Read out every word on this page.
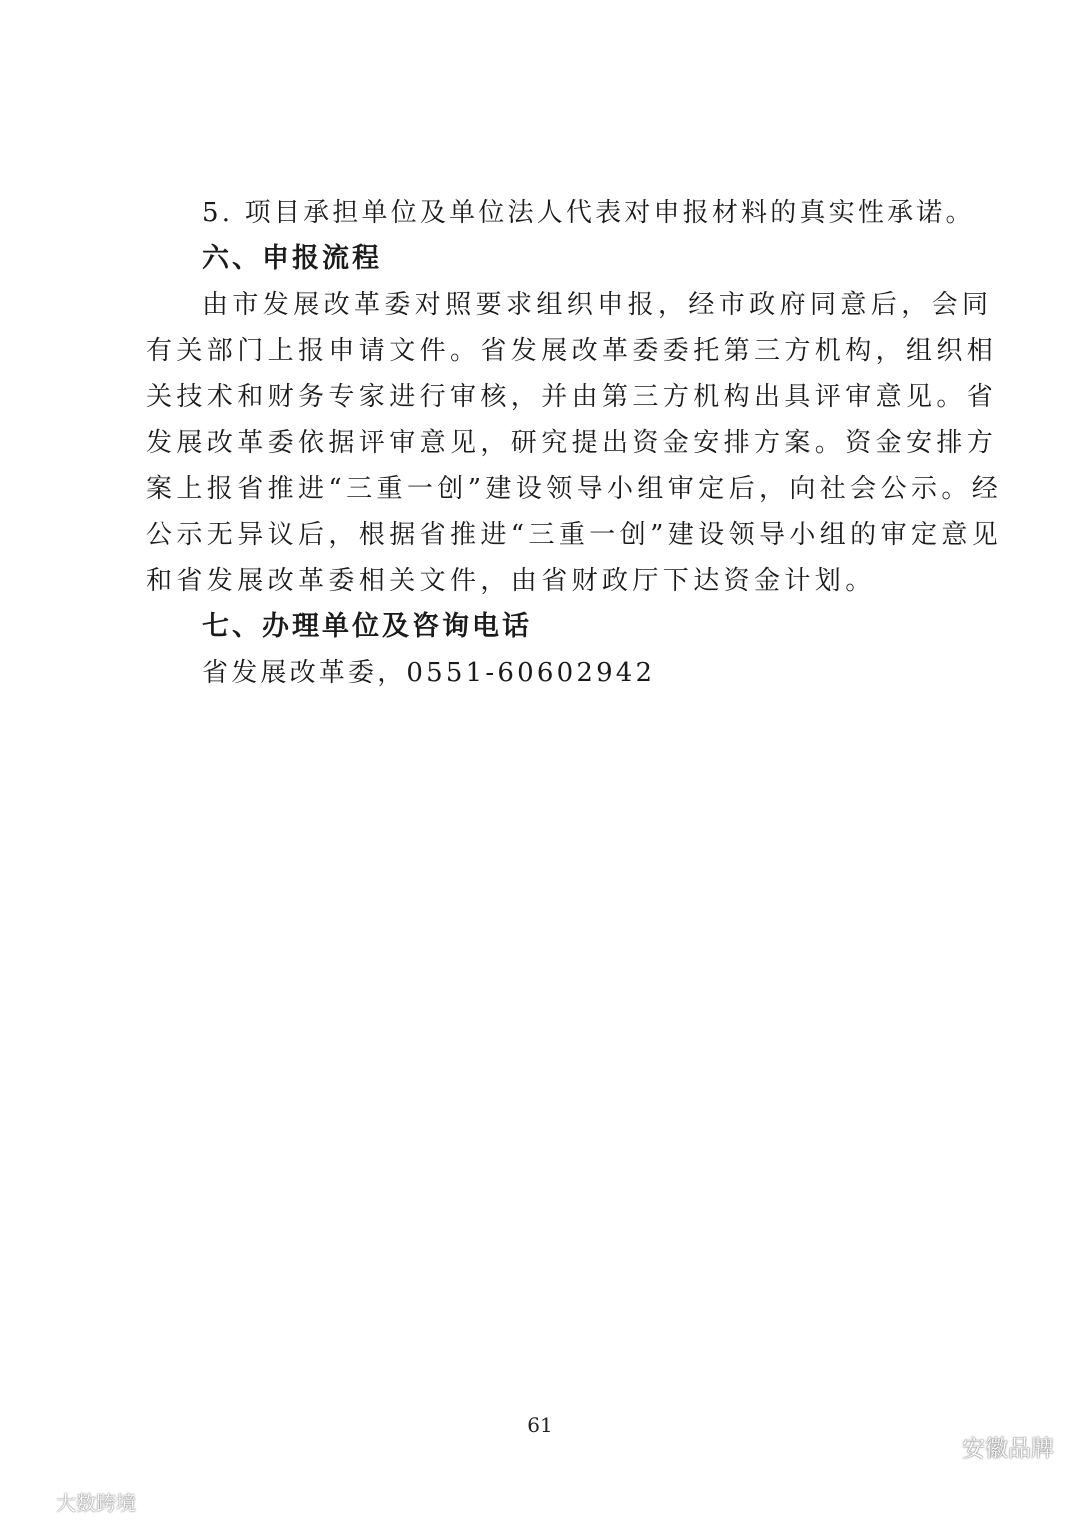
5. 项目承担单位及单位法人代表对申报材料的真实性承诺。
六、申报流程
由市发展改革委对照要求组织申报，经市政府同意后，会同
有关部门上报申请文件。省发展改革委委托第三方机构，组织相
关技术和财务专家进行审核，并由第三方机构出具评审意见。省
发展改革委依据评审意见，研究提出资金安排方案。资金安排方
案上报省推进“三重一创”建设领导小组审定后，向社会公示。经
公示无异议后，根据省推进“三重一创”建设领导小组的审定意见
和省发展改革委相关文件，由省财政厅下达资金计划。
七、办理单位及咨询电话
省发展改革委，0551-60602942
61
安徽品牌
大数跨境
